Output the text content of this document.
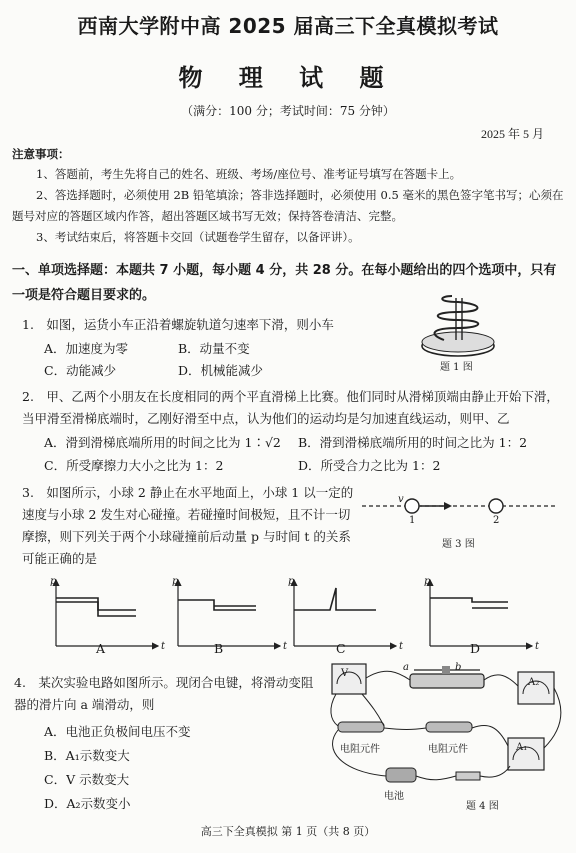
西南大学附中高 2025 届高三下全真模拟考试
物 理 试 题
（满分：100 分；考试时间：75 分钟）
2025 年 5 月
注意事项：
1、答题前，考生先将自己的姓名、班级、考场/座位号、准考证号填写在答题卡上。
2、答选择题时，必须使用 2B 铅笔填涂；答非选择题时，必须使用 0.5 毫米的黑色签字笔书写；心须在题号对应的答题区域内作答，超出答题区域书写无效；保持答卷清洁、完整。
3、考试结束后，将答题卡交回（试题卷学生留存，以备评讲）。
一、单项选择题：本题共 7 小题，每小题 4 分，共 28 分。在每小题给出的四个选项中，只有一项是符合题目要求的。
1.　如图，运货小车正沿着螺旋轨道匀速率下滑，则小车
A．加速度为零	B．动量不变
C．动能减少	D．机械能减少	题 1 图
2.　甲、乙两个小朋友在长度相同的两个平直滑梯上比赛。他们同时从滑梯顶端由静止开始下滑，当甲滑至滑梯底端时，乙刚好滑至中点，认为他们的运动均是匀加速直线运动，则甲、乙
A．滑到滑梯底端所用的时间之比为 1∶√2 B．滑到滑梯底端所用的时间之比为 1：2
C．所受摩擦力大小之比为 1：2	D．所受合力之比为 1：2
3.　如图所示，小球 2 静止在水平地面上，小球 1 以一定的速度与小球 2 发生对心碰撞。若碰撞时间极短，且不计一切摩擦，则下列关于两个小球碰撞前后动量 p 与时间 t 的关系可能正确的是
v
1	2
题 3 图
p
t
p
t
p
t
p
t
A	B	C	D
4.　某次实验电路如图所示。现闭合电键，将滑动变阻器的滑片向 a 端滑动，则
A．电池正负极间电压不变
B．A₁示数变大
C．V 示数变大
D．A₂示数变小
V
a	b
A₂
A₁
电阻元件	电阻元件
电池
题 4 图
高三下全真模拟 第 1 页（共 8 页）
